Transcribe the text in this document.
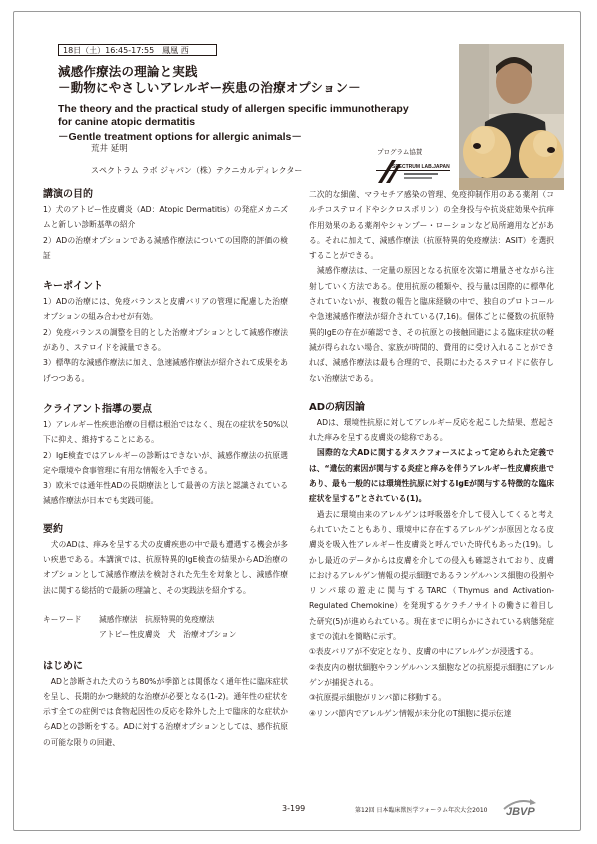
18日（土）16:45-17:55　鳳凰 西
減感作療法の理論と実践
－動物にやさしいアレルギー疾患の治療オプション－
The theory and the practical study of allergen specific immunotherapy
for canine atopic dermatitis
－Gentle treatment options for allergic animals－
荒井 延明
スペクトラム ラボ ジャパン（株）テクニカルディレクター
プログラム協賛
SPECTRUM LAB.JAPAN

講演の目的

1）犬のアトピー性皮膚炎（AD：Atopic Dermatitis）の発症メカニズムと新しい診断基準の紹介

2）ADの治療オプションである減感作療法についての国際的評価の検証

キーポイント

1）ADの治療には、免疫バランスと皮膚バリアの管理に配慮した治療オプションの組み合わせが有効。

2）免疫バランスの調整を目的とした治療オプションとして減感作療法があり、ステロイドを減量できる。

3）標準的な減感作療法に加え、急速減感作療法が紹介されて成果をあげつつある。

クライアント指導の要点

1）アレルギー性疾患治療の目標は根治ではなく、現在の症状を50%以下に抑え、維持することにある。

2）IgE検査ではアレルギーの診断はできないが、減感作療法の抗原選定や環境や食事管理に有用な情報を入手できる。

3）欧米では通年性ADの長期療法として最善の方法と認識されている減感作療法が日本でも実践可能。

要約

　犬のADは、痒みを呈する犬の皮膚疾患の中で最も遭遇する機会が多い疾患である。本講演では、抗原特異的IgE検査の結果からAD治療のオプションとして減感作療法を検討された先生を対象とし、減感作療法に関する総括的で最新の理論と、その実践法を紹介する。

キーワード	減感作療法　抗原特異的免疫療法
アトピー性皮膚炎　犬　治療オプション

はじめに

　ADと診断された犬のうち80%が季節とは関係なく通年性に臨床症状を呈し、長期的かつ継続的な治療が必要となる(1-2)。通年性の症状を示す全ての症例では食物起因性の反応を除外した上で臨床的な症状からADとの診断をする。ADに対する治療オプションとしては、感作抗原の可能な限りの回避、

二次的な細菌、マラセチア感染の管理、免疫抑制作用のある薬剤（コルチコステロイドやシクロスポリン）の全身投与や抗炎症効果や抗痒作用効果のある薬剤やシャンプー・ローションなど局所適用などがある。それに加えて、減感作療法（抗原特異的免疫療法：ASIT）を選択することができる。

　減感作療法は、一定量の原因となる抗原を次第に増量させながら注射していく方法である。使用抗原の種類や、投与量は国際的に標準化されていないが、複数の報告と臨床経験の中で、独自のプロトコールや急速減感作療法が紹介されている(7,16)。個体ごとに優数の抗原特異的IgEの存在が確認でき、その抗原との接触回避による臨床症状の軽減が得られない場合、家族が時間的、費用的に受け入れることができれば、減感作療法は最も合理的で、長期にわたるステロイドに依存しない治療法である。

ADの病因論

　ADは、環境性抗原に対してアレルギー反応を起こした結果、惹起された痒みを呈する皮膚炎の総称である。

　国際的な犬ADに関するタスクフォースによって定められた定義では、“遺伝的素因が関与する炎症と痒みを伴うアレルギー性皮膚疾患であり、最も一般的には環境性抗原に対するIgEが関与する特徴的な臨床症状を呈する”とされている(1)。

　過去に環境由来のアレルゲンは呼吸器を介して侵入してくると考えられていたこともあり、環境中に存在するアレルゲンが原因となる皮膚炎を吸入性アレルギー性皮膚炎と呼んでいた時代もあった(19)。しかし最近のデータからは皮膚を介しての侵入も確認されており、皮膚におけるアレルゲン情報の提示細胞であるランゲルハンス細胞の役割やリンパ球の遊走に関与するTARC（Thymus and Activation-Regulated Chemokine）を発現するケラチノサイトの働きに着目した研究(5)が進められている。現在までに明らかにされている病態発症までの流れを簡略に示す。

①表皮バリアが不安定となり、皮膚の中にアレルゲンが浸透する。

②表皮内の樹状細胞やランゲルハンス細胞などの抗原提示細胞にアレルゲンが捕捉される。

③抗原提示細胞がリンパ節に移動する。

④リンパ節内でアレルゲン情報が未分化のT細胞に提示伝達

3-199	第12回 日本臨床獣医学フォーラム年次大会2010 JBVP
